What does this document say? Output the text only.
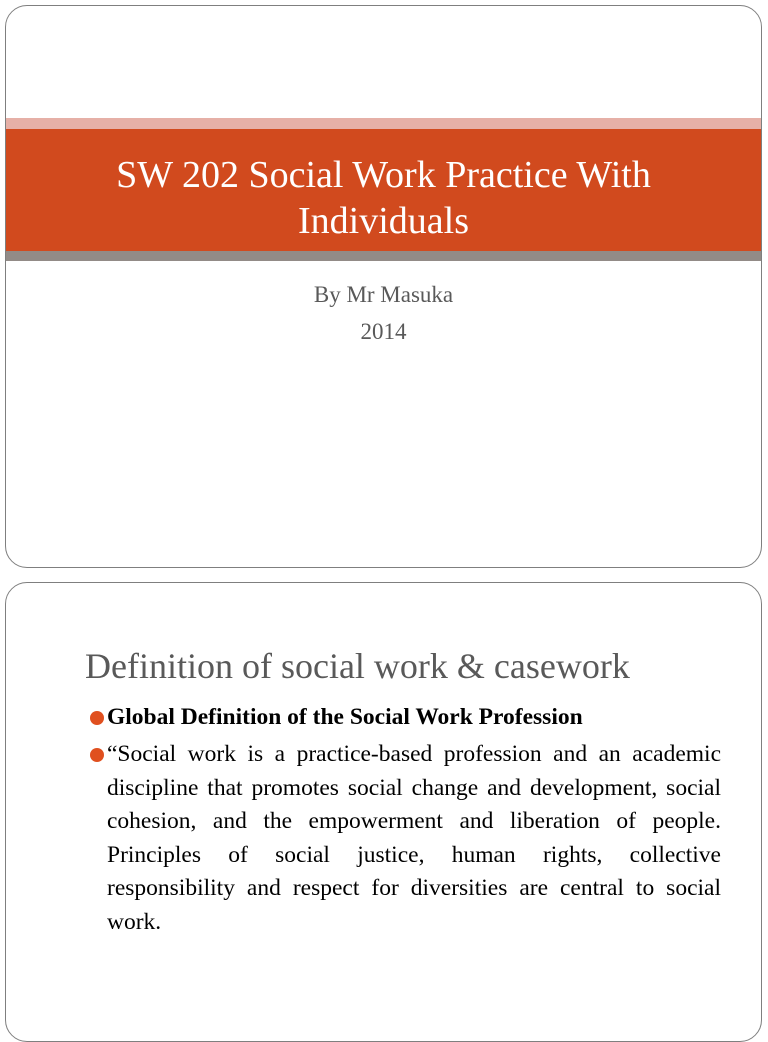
SW 202 Social Work Practice With Individuals
By Mr Masuka
2014
Definition of social work & casework
Global Definition of the Social Work Profession
“Social work is a practice-based profession and an academic discipline that promotes social change and development, social cohesion, and the empowerment and liberation of people. Principles of social justice, human rights, collective responsibility and respect for diversities are central to social work.
